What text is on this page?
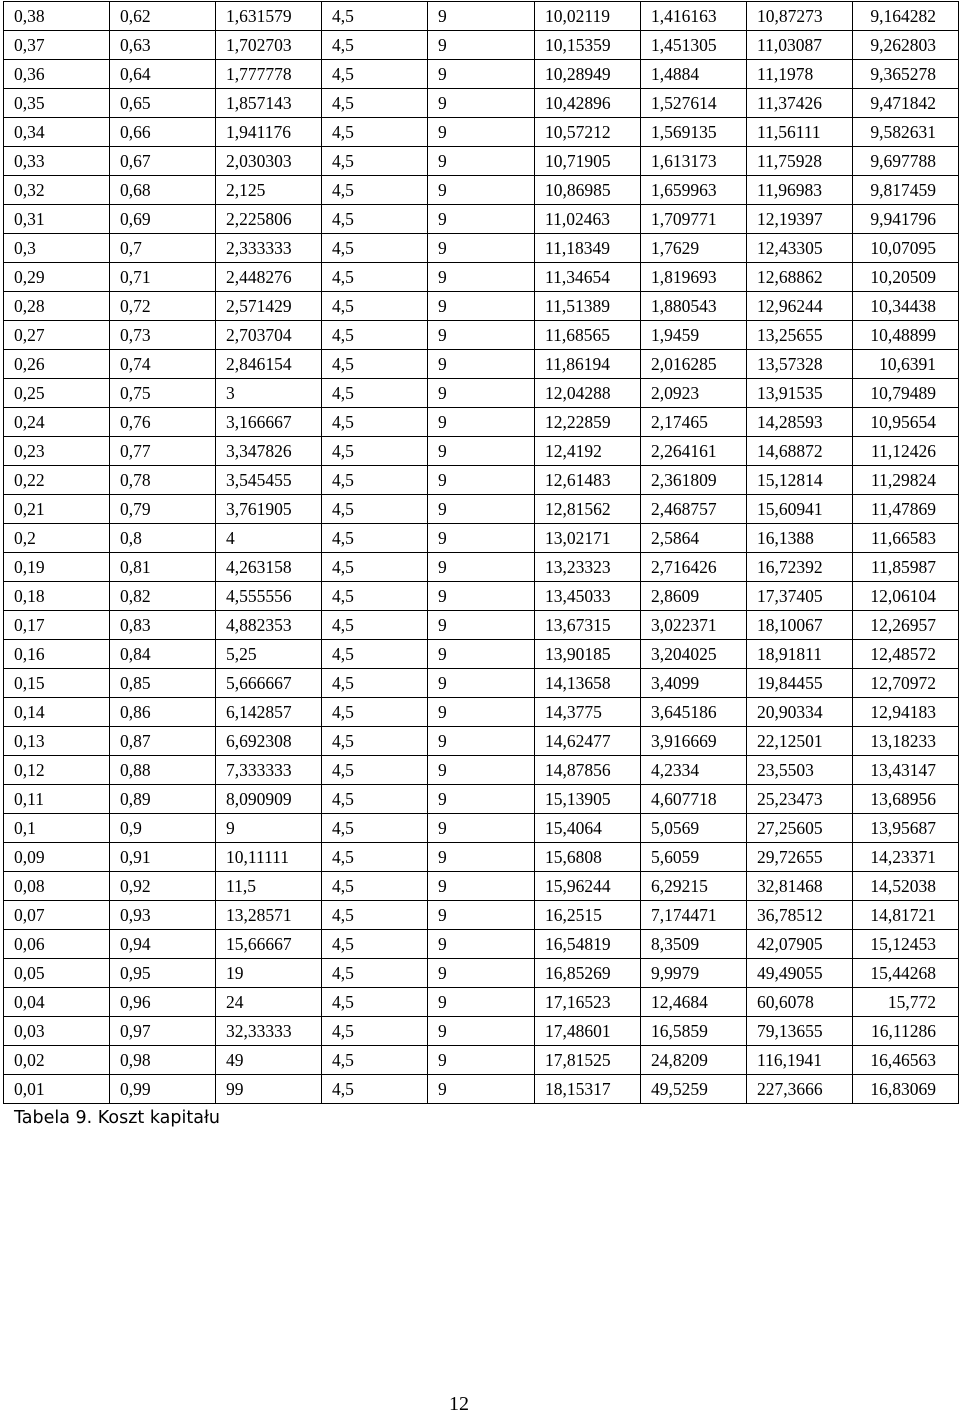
0,38	0,62	1,631579	4,5	9	10,02119	1,416163	10,87273	9,164282
0,37	0,63	1,702703	4,5	9	10,15359	1,451305	11,03087	9,262803
0,36	0,64	1,777778	4,5	9	10,28949	1,4884	11,1978	9,365278
0,35	0,65	1,857143	4,5	9	10,42896	1,527614	11,37426	9,471842
0,34	0,66	1,941176	4,5	9	10,57212	1,569135	11,56111	9,582631
0,33	0,67	2,030303	4,5	9	10,71905	1,613173	11,75928	9,697788
0,32	0,68	2,125	4,5	9	10,86985	1,659963	11,96983	9,817459
0,31	0,69	2,225806	4,5	9	11,02463	1,709771	12,19397	9,941796
0,3	0,7	2,333333	4,5	9	11,18349	1,7629	12,43305	10,07095
0,29	0,71	2,448276	4,5	9	11,34654	1,819693	12,68862	10,20509
0,28	0,72	2,571429	4,5	9	11,51389	1,880543	12,96244	10,34438
0,27	0,73	2,703704	4,5	9	11,68565	1,9459	13,25655	10,48899
0,26	0,74	2,846154	4,5	9	11,86194	2,016285	13,57328	10,6391
0,25	0,75	3	4,5	9	12,04288	2,0923	13,91535	10,79489
0,24	0,76	3,166667	4,5	9	12,22859	2,17465	14,28593	10,95654
0,23	0,77	3,347826	4,5	9	12,4192	2,264161	14,68872	11,12426
0,22	0,78	3,545455	4,5	9	12,61483	2,361809	15,12814	11,29824
0,21	0,79	3,761905	4,5	9	12,81562	2,468757	15,60941	11,47869
0,2	0,8	4	4,5	9	13,02171	2,5864	16,1388	11,66583
0,19	0,81	4,263158	4,5	9	13,23323	2,716426	16,72392	11,85987
0,18	0,82	4,555556	4,5	9	13,45033	2,8609	17,37405	12,06104
0,17	0,83	4,882353	4,5	9	13,67315	3,022371	18,10067	12,26957
0,16	0,84	5,25	4,5	9	13,90185	3,204025	18,91811	12,48572
0,15	0,85	5,666667	4,5	9	14,13658	3,4099	19,84455	12,70972
0,14	0,86	6,142857	4,5	9	14,3775	3,645186	20,90334	12,94183
0,13	0,87	6,692308	4,5	9	14,62477	3,916669	22,12501	13,18233
0,12	0,88	7,333333	4,5	9	14,87856	4,2334	23,5503	13,43147
0,11	0,89	8,090909	4,5	9	15,13905	4,607718	25,23473	13,68956
0,1	0,9	9	4,5	9	15,4064	5,0569	27,25605	13,95687
0,09	0,91	10,11111	4,5	9	15,6808	5,6059	29,72655	14,23371
0,08	0,92	11,5	4,5	9	15,96244	6,29215	32,81468	14,52038
0,07	0,93	13,28571	4,5	9	16,2515	7,174471	36,78512	14,81721
0,06	0,94	15,66667	4,5	9	16,54819	8,3509	42,07905	15,12453
0,05	0,95	19	4,5	9	16,85269	9,9979	49,49055	15,44268
0,04	0,96	24	4,5	9	17,16523	12,4684	60,6078	15,772
0,03	0,97	32,33333	4,5	9	17,48601	16,5859	79,13655	16,11286
0,02	0,98	49	4,5	9	17,81525	24,8209	116,1941	16,46563
0,01	0,99	99	4,5	9	18,15317	49,5259	227,3666	16,83069
Tabela 9. Koszt kapitału
12
